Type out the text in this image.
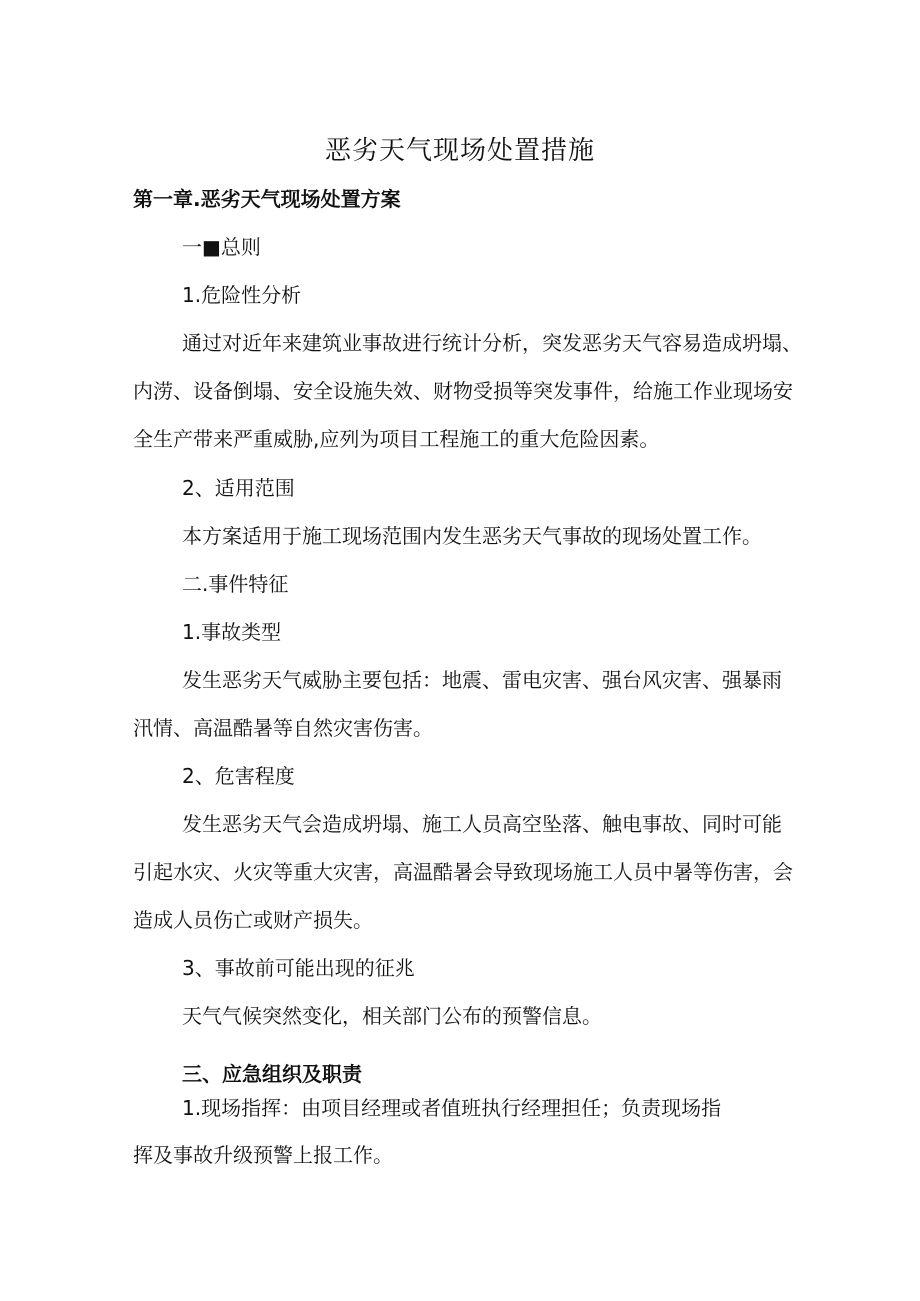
恶劣天气现场处置措施
第一章.恶劣天气现场处置方案
一■总则
1.危险性分析
通过对近年来建筑业事故进行统计分析，突发恶劣天气容易造成坍塌、
内涝、设备倒塌、安全设施失效、财物受损等突发事件，给施工作业现场安
全生产带来严重威胁,应列为项目工程施工的重大危险因素。
2、适用范围
本方案适用于施工现场范围内发生恶劣天气事故的现场处置工作。
二.事件特征
1.事故类型
发生恶劣天气威胁主要包括：地震、雷电灾害、强台风灾害、强暴雨
汛情、高温酷暑等自然灾害伤害。
2、危害程度
发生恶劣天气会造成坍塌、施工人员高空坠落、触电事故、同时可能
引起水灾、火灾等重大灾害，高温酷暑会导致现场施工人员中暑等伤害，会
造成人员伤亡或财产损失。
3、事故前可能出现的征兆
天气气候突然变化，相关部门公布的预警信息。
三、应急组织及职责
1.现场指挥：由项目经理或者值班执行经理担任；负责现场指
挥及事故升级预警上报工作。
